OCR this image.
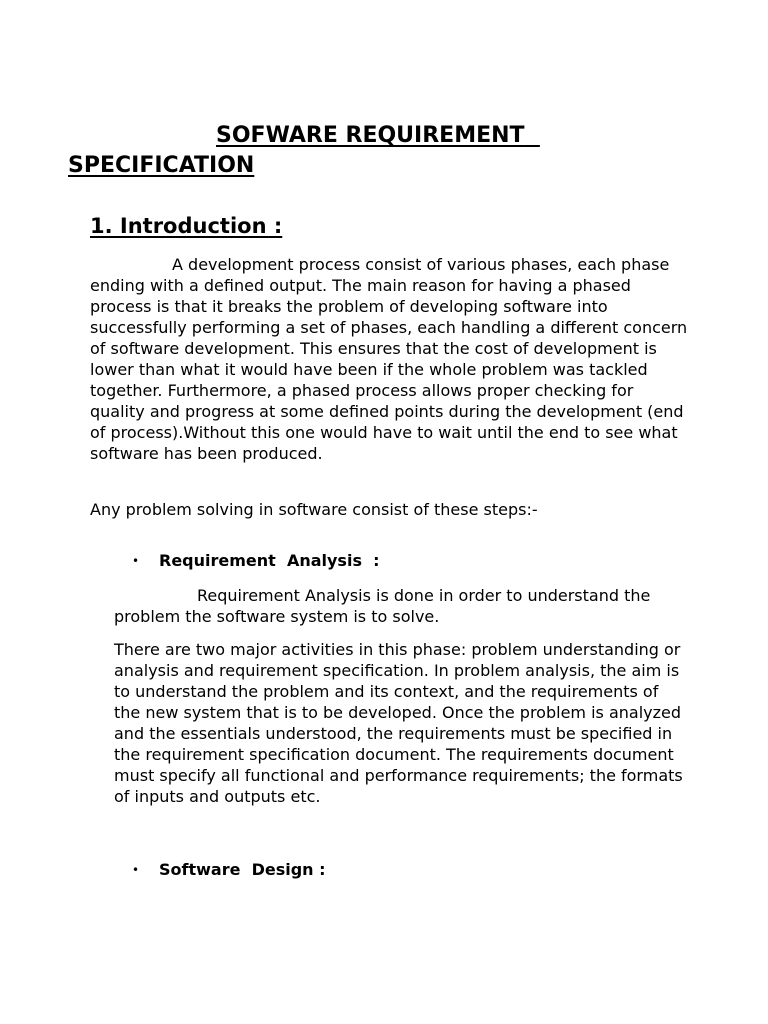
SOFWARE REQUIREMENT  SPECIFICATION

1. Introduction :

A development process consist of various phases, each phase ending with a defined output. The main reason for having a phased process is that it breaks the problem of developing software into successfully performing a set of phases, each handling a different concern of software development. This ensures that the cost of development is lower than what it would have been if the whole problem was tackled together. Furthermore, a phased process allows proper checking for quality and progress at some defined points during the development (end of process).Without this one would have to wait until the end to see what software has been produced.

Any problem solving in software consist of these steps:-

•

Requirement  Analysis  :

Requirement Analysis is done in order to understand the problem the software system is to solve.

There are two major activities in this phase: problem understanding or analysis and requirement specification. In problem analysis, the aim is to understand the problem and its context, and the requirements of the new system that is to be developed. Once the problem is analyzed and the essentials understood, the requirements must be specified in the requirement specification document. The requirements document must specify all functional and performance requirements; the formats of inputs and outputs etc.

•

Software  Design :
